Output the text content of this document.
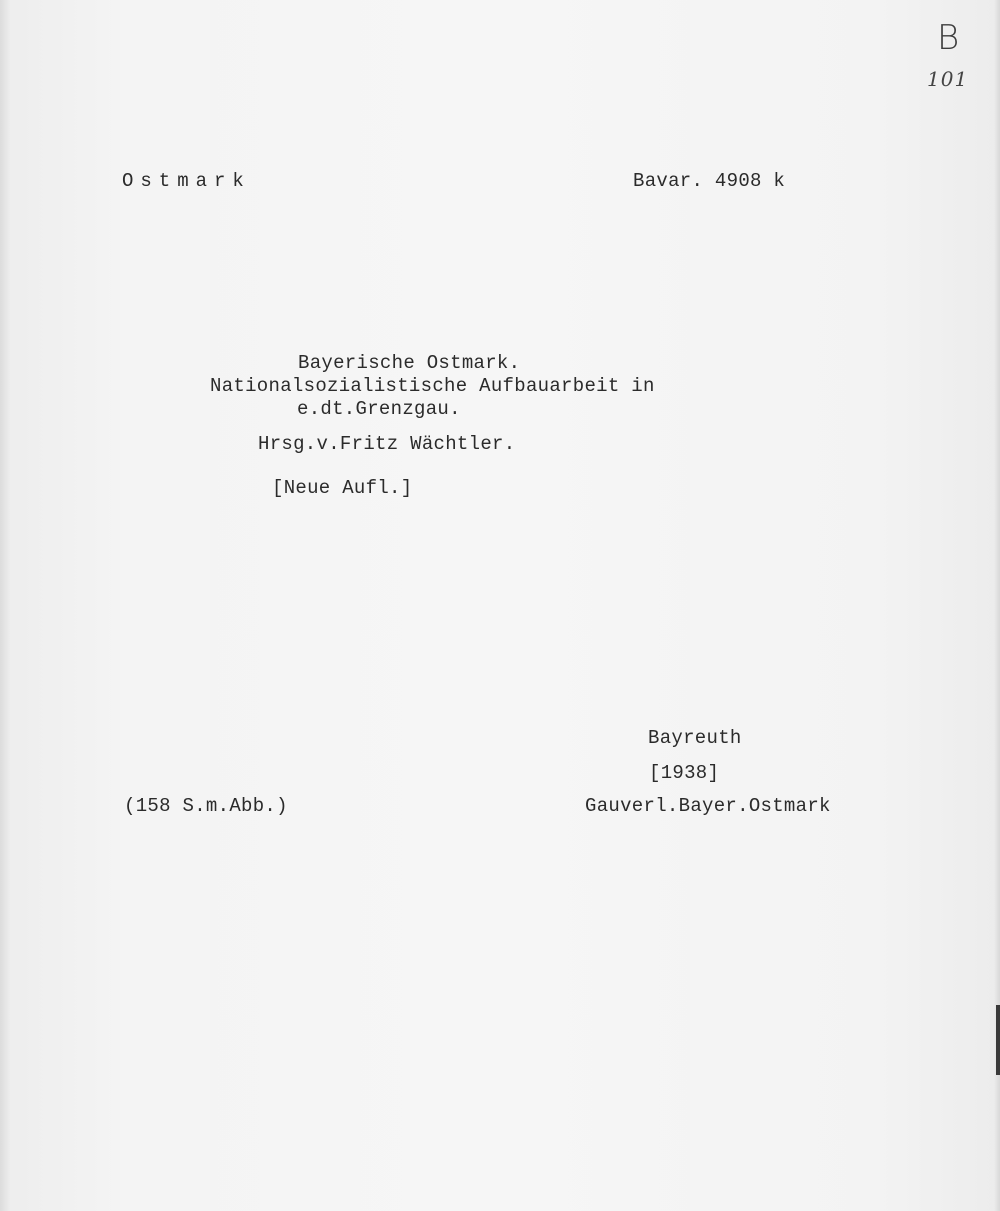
B
101
Ostmark	Bavar. 4908 k
Bayerische Ostmark.
Nationalsozialistische Aufbauarbeit in
e.dt.Grenzgau.
Hrsg.v.Fritz Wächtler.
[Neue Aufl.]
Bayreuth
[1938]
Gauverl.Bayer.Ostmark
(158 S.m.Abb.)
